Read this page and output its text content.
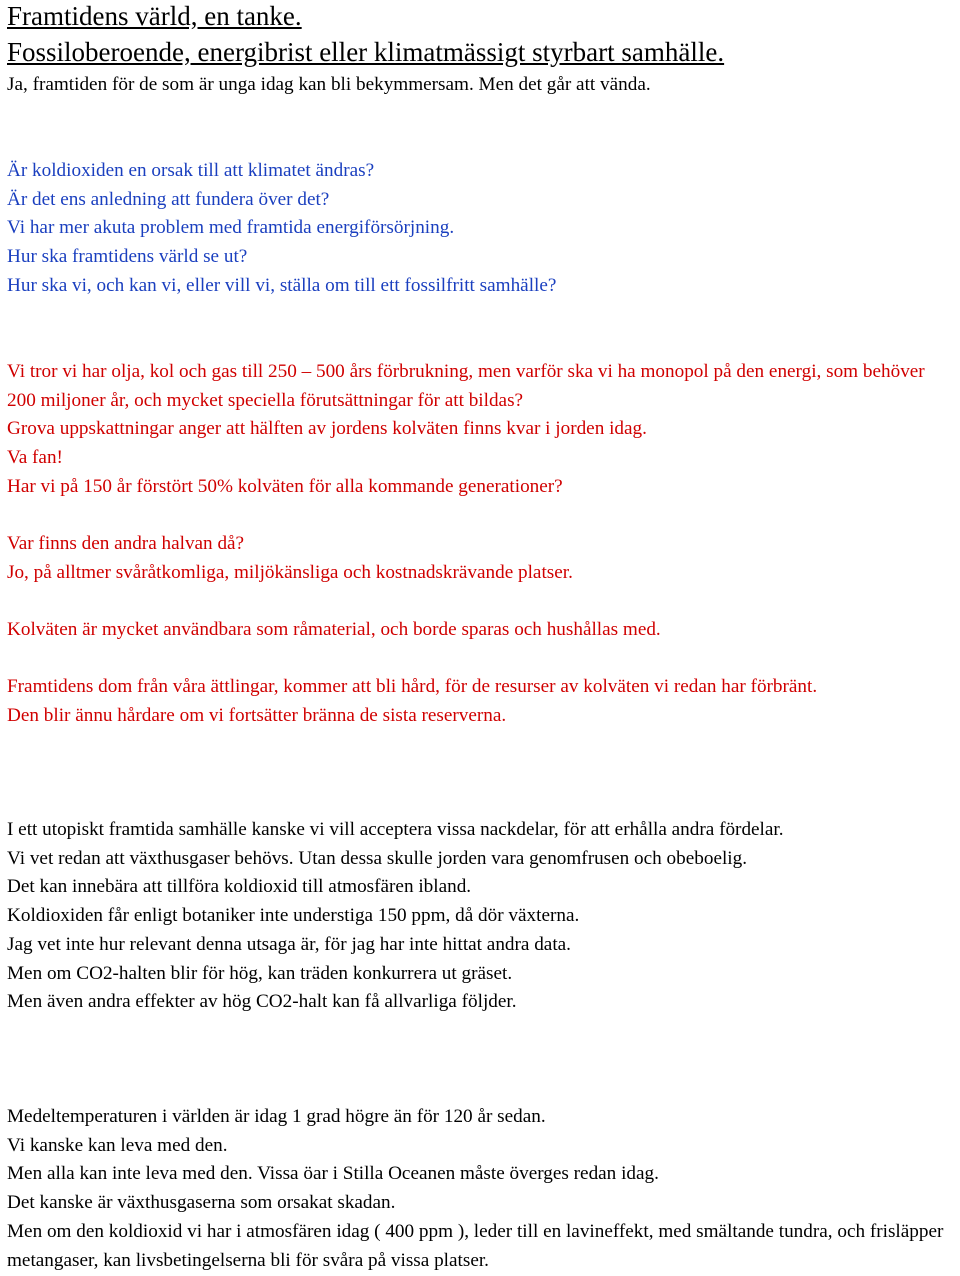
Framtidens värld, en tanke.
Fossiloberoende, energibrist eller klimatmässigt styrbart samhälle.

Ja, framtiden för de som är unga idag kan bli bekymmersam. Men det går att vända.

Är koldioxiden en orsak till att klimatet ändras?

Är det ens anledning att fundera över det?

Vi har mer akuta problem med framtida energiförsörjning.

Hur ska framtidens värld se ut?

Hur ska vi, och kan vi, eller vill vi, ställa om till ett fossilfritt samhälle?

Vi tror vi har olja, kol och gas till 250 – 500 års förbrukning, men varför ska vi ha monopol på den energi, som behöver 200 miljoner år, och mycket speciella förutsättningar för att bildas?

Grova uppskattningar anger att hälften av jordens kolväten finns kvar i jorden idag.

Va fan!

Har vi på 150 år förstört 50% kolväten för alla kommande generationer?

Var finns den andra halvan då?

Jo, på alltmer svåråtkomliga, miljökänsliga och kostnadskrävande platser.

Kolväten är mycket användbara som råmaterial, och borde sparas och hushållas med.

Framtidens dom från våra ättlingar, kommer att bli hård, för de resurser av kolväten vi redan har förbränt.

Den blir ännu hårdare om vi fortsätter bränna de sista reserverna.

I ett utopiskt framtida samhälle kanske vi vill acceptera vissa nackdelar, för att erhålla andra fördelar.

Vi vet redan att växthusgaser behövs. Utan dessa skulle jorden vara genomfrusen och obeboelig.

Det kan innebära att tillföra koldioxid till atmosfären ibland.

Koldioxiden får enligt botaniker inte understiga 150 ppm, då dör växterna.

Jag vet inte hur relevant denna utsaga är, för jag har inte hittat andra data.

Men om CO2-halten blir för hög, kan träden konkurrera ut gräset.

Men även andra effekter av hög CO2-halt kan få allvarliga följder.

Medeltemperaturen i världen är idag 1 grad högre än för 120 år sedan.

Vi kanske kan leva med den.

Men alla kan inte leva med den. Vissa öar i Stilla Oceanen måste överges redan idag.

Det kanske är växthusgaserna som orsakat skadan.

Men om den koldioxid vi har i atmosfären idag ( 400 ppm ), leder till en lavineffekt, med smältande tundra, och frisläpper metangaser, kan livsbetingelserna bli för svåra på vissa platser.
